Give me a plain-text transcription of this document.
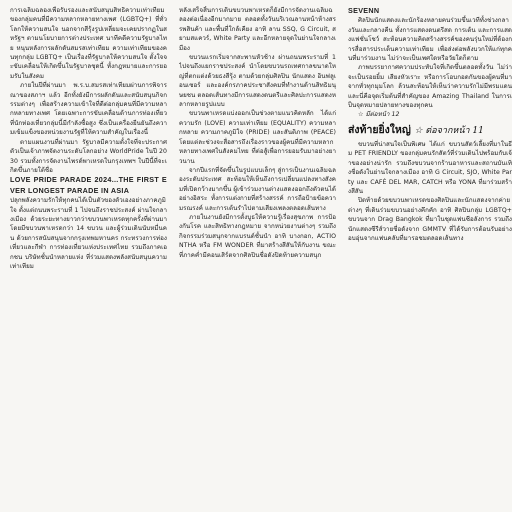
การเฉลิมฉลองเพื่อรับรองและสนับสนุนสิทธิความเท่าเทียมของกลุ่มคนที่มีความหลากหลายทางเพศ (LGBTQ+) ที่ทั่วโลกให้ความสนใจ นอกจากสีรุ้งรูปเหลี่ยมจะเคยปรากฏในสหรัฐฯ ตามนโยบายการต่างประเทศ นาทีคดีความรัฐบาลไทย หนุนหลังการผลักดันสมรสเท่าเทียม ความเท่าเทียมของคนทุกกลุ่ม LGBTQ+ เป็นเรื่องที่รัฐบาลให้ความสนใจ ตั้งใจจะขับเคลื่อนให้เกิดขึ้นในรัฐบาลชุดนี้ ทั้งกฎหมายและการยอมรับในสังคม

ภายในปีที่ผ่านมา พ.ร.บ.สมรสเท่าเทียมผ่านการพิจารณาของสภาฯ แล้ว อีกทั้งยังมีการผลักดันและสนับสนุนกิจกรรมต่างๆ เพื่อสร้างความเข้าใจที่ดีต่อกลุ่มคนที่มีความหลากหลายทางเพศ โดยเฉพาะการขับเคลื่อนด้านการท่องเที่ยว ที่นักท่องเที่ยวกลุ่มนี้มีกำลังซื้อสูง ซึ่งเป็นเครื่องยืนยันถึงความเข้มแข็งของหน่วยงานรัฐที่ให้ความสำคัญในเรื่องนี้

ตามแผนงานที่ผ่านมา รัฐบาลมีความตั้งใจที่จะประกาศตัวเป็นเจ้าภาพจัดงานระดับโลกอย่าง WorldPride ในปี 2030 รวมทั้งการจัดงานไพรด์พาเหรดในกรุงเทพฯ ในปีนี้ที่จะเกิดขึ้นภายใต้ชื่อ

LOVE PRIDE PARADE 2024...THE FIRST EVER LONGEST PARADE IN ASIA

ปลุกพลังความรักให้ทุกคนได้เป็นตัวของตัวเองอย่างภาคภูมิใจ ตั้งแต่ถนนพระรามที่ 1 ไปจนถึงราชประสงค์ ผ่านใจกลางเมือง ด้วยระยะทางยาวกว่าขบวนพาเหรดทุกครั้งที่ผ่านมา โดยมีขบวนพาเหรดกว่า 14 ขบวน และผู้ร่วมเดินนับหมื่นคน ด้วยการสนับสนุนจากกรุงเทพมหานคร กระทรวงการท่องเที่ยวและกีฬา การท่องเที่ยวแห่งประเทศไทย รวมถึงภาคเอกชน บริษัทชั้นนำหลายแห่ง ที่ร่วมแสดงพลังสนับสนุนความเท่าเทียม

หลังเสร็จสิ้นการเดินขบวนพาเหรดก็ยังมีการจัดงานเฉลิมฉลองต่อเนื่องอีกมากมาย ตลอดทั้งวันบริเวณลานหน้าห้างสรรพสินค้า และพื้นที่ใกล้เคียง อาทิ ลาน SSQ, G Circuit, สยามสแควร์, White Party และอีกหลายจุดในย่านใจกลางเมือง

ขบวนแรกเริ่มจากสะพานหัวช้าง ผ่านถนนพระรามที่ 1 ไปจนถึงแยกราชประสงค์ นำโดยขบวนรถเทศกาลขนาดใหญ่ที่ตกแต่งด้วยธงสีรุ้ง ตามด้วยกลุ่มศิลปิน นักแสดง อินฟลูเอนเซอร์ และองค์กรภาคประชาสังคมที่ทำงานด้านสิทธิมนุษยชน ตลอดเส้นทางมีการแสดงดนตรีและศิลปะการแสดงหลากหลายรูปแบบ

ขบวนพาเหรดแบ่งออกเป็นช่วงตามแนวคิดหลัก ได้แก่ ความรัก (LOVE) ความเท่าเทียม (EQUALITY) ความหลากหลาย ความภาคภูมิใจ (PRIDE) และสันติภาพ (PEACE) โดยแต่ละช่วงจะสื่อสารถึงเรื่องราวของผู้คนที่มีความหลากหลายทางเพศในสังคมไทย ที่ต่อสู้เพื่อการยอมรับมาอย่างยาวนาน

จากปีแรกที่จัดขึ้นในรูปแบบเล็กๆ สู่การเป็นงานเฉลิมฉลองระดับประเทศ สะท้อนให้เห็นถึงการเปลี่ยนแปลงทางสังคมที่เปิดกว้างมากขึ้น ผู้เข้าร่วมงานต่างแสดงออกถึงตัวตนได้อย่างอิสระ ทั้งการแต่งกายที่สร้างสรรค์ การถือป้ายข้อความรณรงค์ และการเต้นรำไปตามเสียงเพลงตลอดเส้นทาง

ภายในงานยังมีการตั้งบูธให้ความรู้เรื่องสุขภาพ การป้องกันโรค และสิทธิทางกฎหมาย จากหน่วยงานต่างๆ รวมถึงกิจกรรมร่วมสนุกจากแบรนด์ชั้นนำ อาทิ บางกอก, ACTIONTHA หรือ FM WONDER ที่มาสร้างสีสันให้กับงาน ขณะที่ภาคค่ำมีคอนเสิร์ตจากศิลปินชื่อดังปิดท้ายความสนุก

SEVENN

ศิลปินนักแสดงและนักร้องหลายคนร่วมขึ้นเวทีทั้งช่วงกลางวันและกลางคืน ทั้งการแสดงดนตรีสด การเต้น และการแสดงแฟชั่นโชว์ สะท้อนความคิดสร้างสรรค์ของคนรุ่นใหม่ที่ต้องการสื่อสารประเด็นความเท่าเทียม เพื่อส่งต่อพลังบวกให้แก่ทุกคนที่มาร่วมงาน ไม่ว่าจะเป็นเพศใดหรือวัยใดก็ตาม

ภาพบรรยากาศความประทับใจที่เกิดขึ้นตลอดทั้งวัน ไม่ว่าจะเป็นรอยยิ้ม เสียงหัวเราะ หรือการโอบกอดกันของผู้คนที่มาจากทั่วทุกมุมโลก ล้วนสะท้อนให้เห็นว่าความรักไม่มีพรมแดน และนี่คือจุดเริ่มต้นที่สำคัญของ Amazing Thailand ในการเป็นจุดหมายปลายทางของทุกคน

☆ มีต่อหน้า 12

ส่งท้ายยิ่งใหญ่ ☆ ต่อจากหน้า 11

ขบวนที่น่าสนใจเป็นพิเศษ ได้แก่ ขบวนสัตว์เลี้ยงที่มาในธีม PET FRIENDLY ของกลุ่มคนรักสัตว์ที่ร่วมเดินไปพร้อมกับเจ้าของอย่างน่ารัก รวมถึงขบวนจากร้านอาหารและสถานบันเทิงชื่อดังในย่านใจกลางเมือง อาทิ G Circuit, SJO, White Party และ CAFÉ DEL MAR, CATCH หรือ YONA ที่มาร่วมสร้างสีสัน

ปิดท้ายด้วยขบวนพาเหรดของศิลปินและนักแสดงจากค่ายต่างๆ ที่เดินร่วมขบวนอย่างคึกคัก อาทิ ศิลปินกลุ่ม LGBTQ+ ขบวนจาก Drag Bangkok ที่มาในชุดแฟนซีอลังการ รวมถึงนักแสดงซีรีส์วายชื่อดังจาก GMMTV ที่ได้รับการต้อนรับอย่างอบอุ่นจากแฟนคลับที่มารอชมตลอดเส้นทาง
